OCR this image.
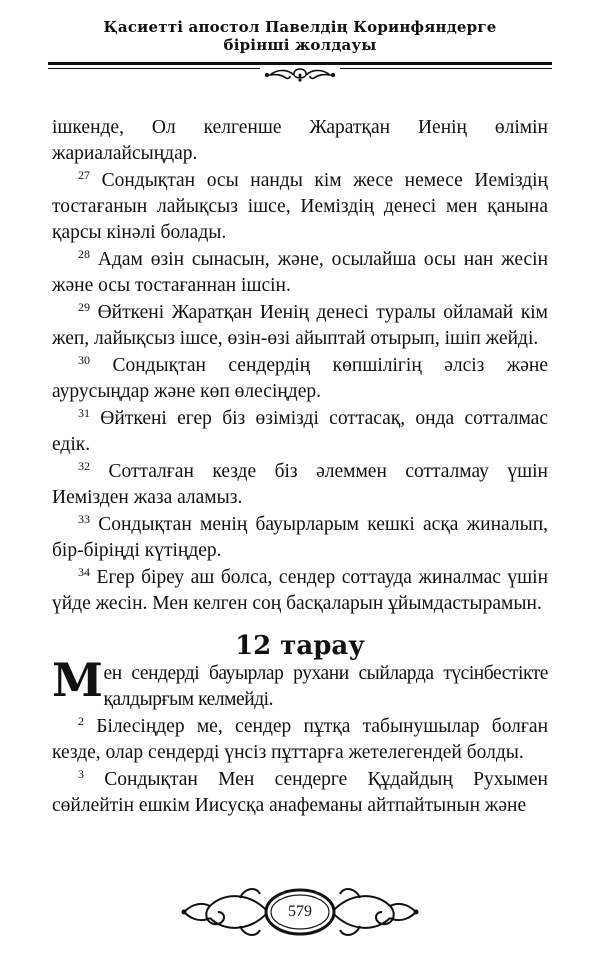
Қасиетті апостол Павелдің Коринфяндерге
бірінші жолдауы

ішкенде, Ол келгенше Жаратқан Иенің өлімін жариалайсыңдар.

$^{27}$ Сондықтан осы нанды кім жесе немесе Иеміздің тостағанын лайықсыз ішсе, Иеміздің денесі мен қанына қарсы кінәлі болады.

$^{28}$ Адам өзін сынасын, және, осылайша осы нан жесін және осы тостағаннан ішсін.

$^{29}$ Өйткені Жаратқан Иенің денесі туралы ойламай кім жеп, лайықсыз ішсе, өзін-өзі айыптай отырып, ішіп жейді.

$^{30}$ Сондықтан сендердің көпшілігің әлсіз және аурусыңдар және көп өлесіңдер.

$^{31}$ Өйткені егер біз өзімізді соттасақ, онда сотталмас едік.

$^{32}$ Сотталған кезде біз әлеммен сотталмау үшін Иемізден жаза аламыз.

$^{33}$ Сондықтан менің бауырларым кешкі асқа жиналып, бір-біріңді күтіңдер.

$^{34}$ Егер біреу аш болса, сендер соттауда жиналмас үшін үйде жесін. Мен келген соң басқаларын ұйымдастырамын.

12 тарау

Мен сендерді бауырлар рухани сыйларда түсінбестікте қалдырғым келмейді.

$^2$ Білесіңдер ме, сендер пұтқа табынушылар болған кезде, олар сендерді үнсіз пұттарға жетелегендей болды.

$^3$ Сондықтан Мен сендерге Құдайдың Рухымен сөйлейтін ешкім Иисусқа анафеманы айтпайтынын және

579
